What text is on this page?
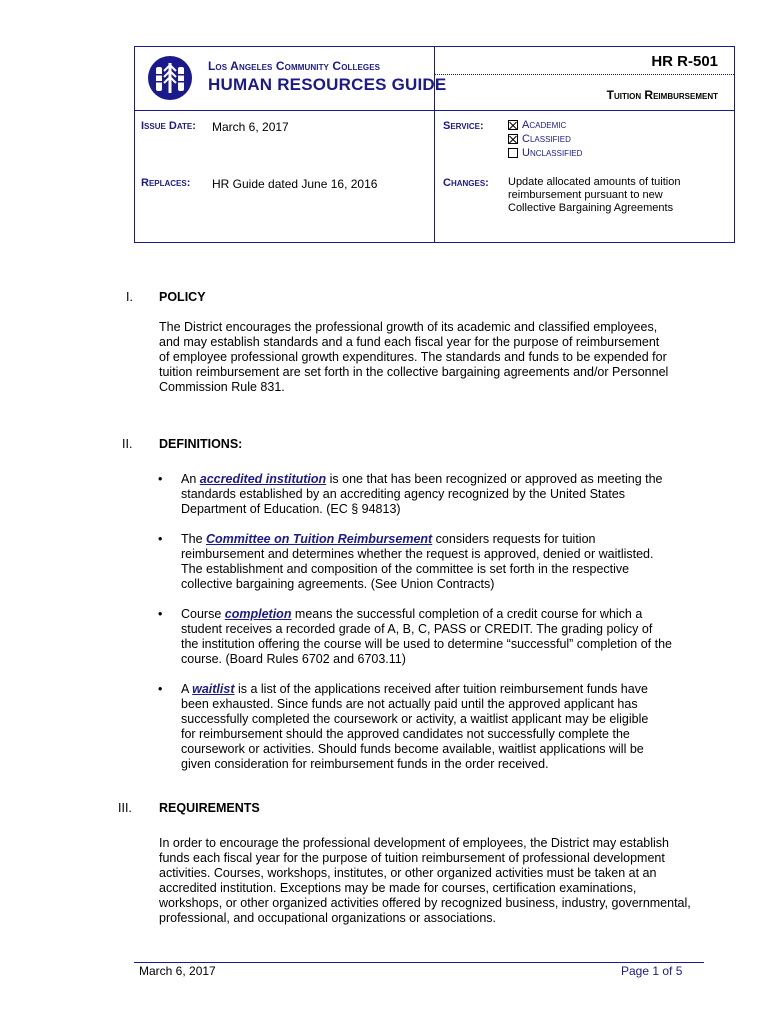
Los Angeles Community Colleges
HUMAN RESOURCES GUIDE
HR R-501
Tuition Reimbursement
Issue Date: March 6, 2017
Replaces: HR Guide dated June 16, 2016
Service:	Academic
Classified
Unclassified
Changes: Update allocated amounts of tuition
reimbursement pursuant to new
Collective Bargaining Agreements
I. POLICY
The District encourages the professional growth of its academic and classified employees,
and may establish standards and a fund each fiscal year for the purpose of reimbursement
of employee professional growth expenditures. The standards and funds to be expended for
tuition reimbursement are set forth in the collective bargaining agreements and/or Personnel
Commission Rule 831.
II. DEFINITIONS:
• An accredited institution is one that has been recognized or approved as meeting the
standards established by an accrediting agency recognized by the United States
Department of Education. (EC § 94813)
• The Committee on Tuition Reimbursement considers requests for tuition
reimbursement and determines whether the request is approved, denied or waitlisted.
The establishment and composition of the committee is set forth in the respective
collective bargaining agreements. (See Union Contracts)
• Course completion means the successful completion of a credit course for which a
student receives a recorded grade of A, B, C, PASS or CREDIT. The grading policy of
the institution offering the course will be used to determine “successful” completion of the
course. (Board Rules 6702 and 6703.11)
• A waitlist is a list of the applications received after tuition reimbursement funds have
been exhausted. Since funds are not actually paid until the approved applicant has
successfully completed the coursework or activity, a waitlist applicant may be eligible
for reimbursement should the approved candidates not successfully complete the
coursework or activities. Should funds become available, waitlist applications will be
given consideration for reimbursement funds in the order received.
III. REQUIREMENTS
In order to encourage the professional development of employees, the District may establish
funds each fiscal year for the purpose of tuition reimbursement of professional development
activities. Courses, workshops, institutes, or other organized activities must be taken at an
accredited institution. Exceptions may be made for courses, certification examinations,
workshops, or other organized activities offered by recognized business, industry, governmental,
professional, and occupational organizations or associations.
March 6, 2017	Page 1 of 5
